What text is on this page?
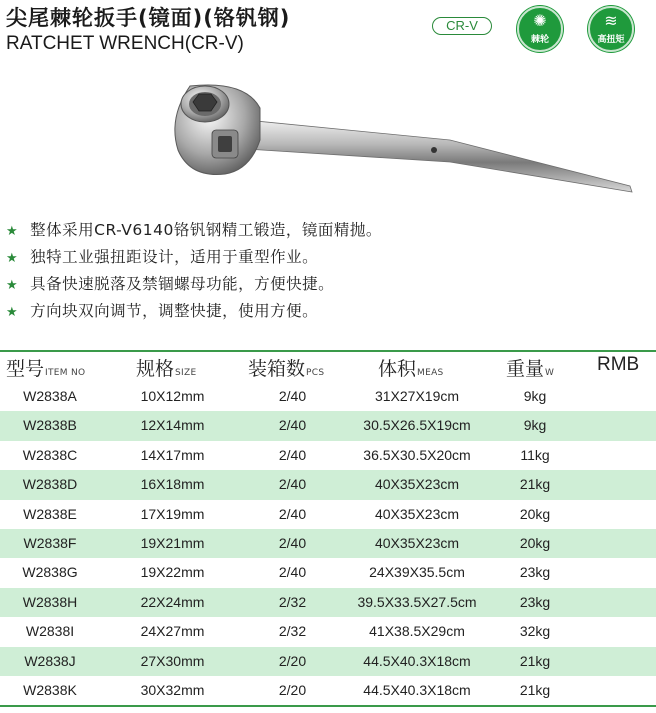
尖尾棘轮扳手(镜面)(铬钒钢)
RATCHET WRENCH(CR-V)
CR-V	✺
棘轮
≋
高扭矩
★ 整体采用CR-V6140铬钒钢精工锻造，镜面精抛。
★ 独特工业强扭距设计，适用于重型作业。
★ 具备快速脱落及禁锢螺母功能，方便快捷。
★ 方向块双向调节，调整快捷，使用方便。
型号ITEM NO	规格SIZE	装箱数PCS	体积MEAS	重量W RMB
W2838A	10X12mm	2/40	31X27X19cm	9kg
W2838B	12X14mm	2/40	30.5X26.5X19cm	9kg
W2838C	14X17mm	2/40	36.5X30.5X20cm	11kg
W2838D	16X18mm	2/40	40X35X23cm	21kg
W2838E	17X19mm	2/40	40X35X23cm	20kg
W2838F	19X21mm	2/40	40X35X23cm	20kg
W2838G	19X22mm	2/40	24X39X35.5cm	23kg
W2838H	22X24mm	2/32	39.5X33.5X27.5cm	23kg
W2838I	24X27mm	2/32	41X38.5X29cm	32kg
W2838J	27X30mm	2/20	44.5X40.3X18cm	21kg
W2838K	30X32mm	2/20	44.5X40.3X18cm	21kg
